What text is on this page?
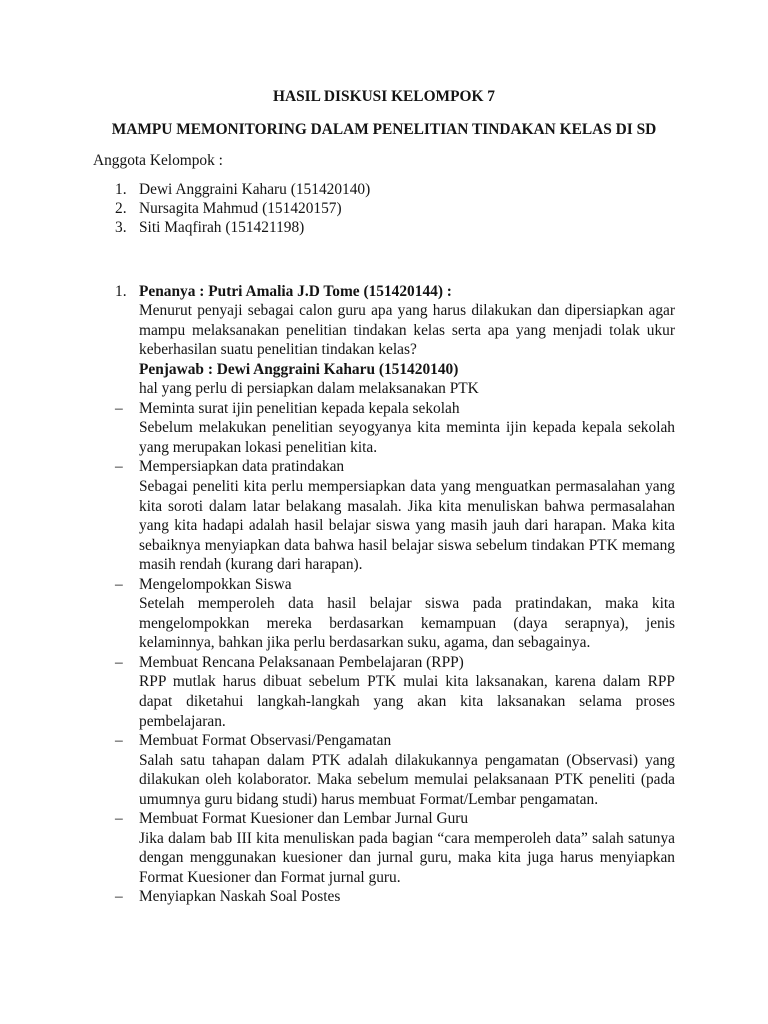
HASIL DISKUSI KELOMPOK 7
MAMPU MEMONITORING DALAM PENELITIAN TINDAKAN KELAS DI SD

Anggota Kelompok :

1. Dewi Anggraini Kaharu (151420140)
2. Nursagita Mahmud (151420157)
3. Siti Maqfirah (151421198)
1. Penanya : Putri Amalia J.D Tome (151420144) :
Menurut penyaji sebagai calon guru apa yang harus dilakukan dan dipersiapkan agar
mampu melaksanakan penelitian tindakan kelas serta apa yang menjadi tolak ukur
keberhasilan suatu penelitian tindakan kelas?
Penjawab : Dewi Anggraini Kaharu (151420140)
hal yang perlu di persiapkan dalam melaksanakan PTK
– Meminta surat ijin penelitian kepada kepala sekolah
Sebelum melakukan penelitian seyogyanya kita meminta ijin kepada kepala sekolah
yang merupakan lokasi penelitian kita.
– Mempersiapkan data pratindakan
Sebagai peneliti kita perlu mempersiapkan data yang menguatkan permasalahan yang
kita soroti dalam latar belakang masalah. Jika kita menuliskan bahwa permasalahan
yang kita hadapi adalah hasil belajar siswa yang masih jauh dari harapan. Maka kita
sebaiknya menyiapkan data bahwa hasil belajar siswa sebelum tindakan PTK memang
masih rendah (kurang dari harapan).
– Mengelompokkan Siswa
Setelah memperoleh data hasil belajar siswa pada pratindakan, maka kita
mengelompokkan mereka berdasarkan kemampuan (daya serapnya), jenis
kelaminnya, bahkan jika perlu berdasarkan suku, agama, dan sebagainya.
– Membuat Rencana Pelaksanaan Pembelajaran (RPP)
RPP mutlak harus dibuat sebelum PTK mulai kita laksanakan, karena dalam RPP
dapat diketahui langkah-langkah yang akan kita laksanakan selama proses
pembelajaran.
– Membuat Format Observasi/Pengamatan
Salah satu tahapan dalam PTK adalah dilakukannya pengamatan (Observasi) yang
dilakukan oleh kolaborator. Maka sebelum memulai pelaksanaan PTK peneliti (pada
umumnya guru bidang studi) harus membuat Format/Lembar pengamatan.
– Membuat Format Kuesioner dan Lembar Jurnal Guru
Jika dalam bab III kita menuliskan pada bagian “cara memperoleh data” salah satunya
dengan menggunakan kuesioner dan jurnal guru, maka kita juga harus menyiapkan
Format Kuesioner dan Format jurnal guru.
– Menyiapkan Naskah Soal Postes
